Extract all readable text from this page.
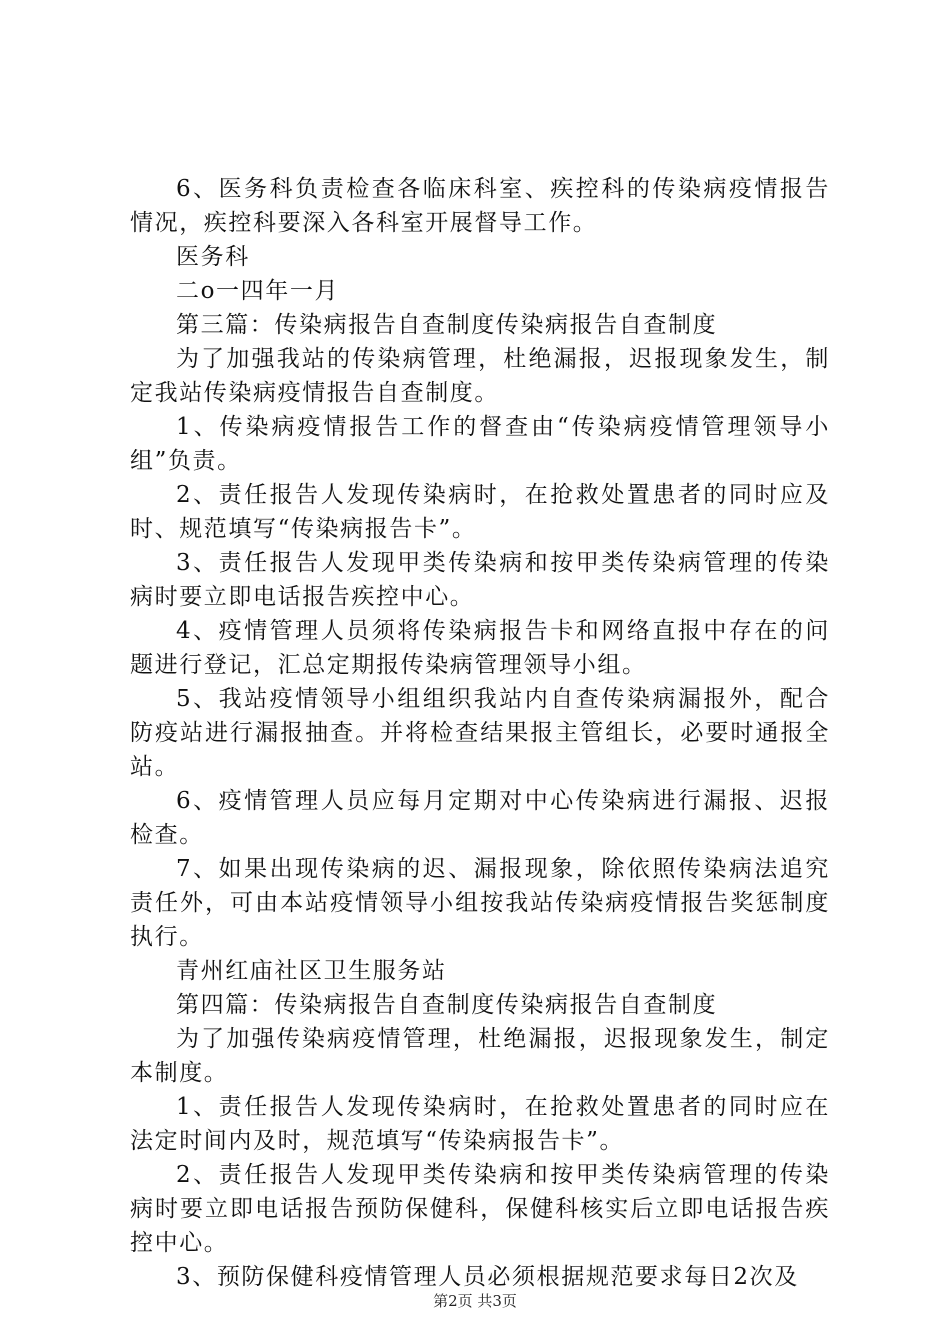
6、医务科负责检查各临床科室、疾控科的传染病疫情报告情况，疾控科要深入各科室开展督导工作。

医务科

二o一四年一月

第三篇：传染病报告自查制度传染病报告自查制度

为了加强我站的传染病管理，杜绝漏报，迟报现象发生，制定我站传染病疫情报告自查制度。

1、传染病疫情报告工作的督查由“传染病疫情管理领导小组”负责。

2、责任报告人发现传染病时，在抢救处置患者的同时应及时、规范填写“传染病报告卡”。

3、责任报告人发现甲类传染病和按甲类传染病管理的传染病时要立即电话报告疾控中心。

4、疫情管理人员须将传染病报告卡和网络直报中存在的问题进行登记，汇总定期报传染病管理领导小组。

5、我站疫情领导小组组织我站内自查传染病漏报外，配合防疫站进行漏报抽查。并将检查结果报主管组长，必要时通报全站。

6、疫情管理人员应每月定期对中心传染病进行漏报、迟报检查。

7、如果出现传染病的迟、漏报现象，除依照传染病法追究责任外，可由本站疫情领导小组按我站传染病疫情报告奖惩制度执行。

青州红庙社区卫生服务站

第四篇：传染病报告自查制度传染病报告自查制度

为了加强传染病疫情管理，杜绝漏报，迟报现象发生，制定本制度。

1、责任报告人发现传染病时，在抢救处置患者的同时应在法定时间内及时，规范填写“传染病报告卡”。

2、责任报告人发现甲类传染病和按甲类传染病管理的传染病时要立即电话报告预防保健科，保健科核实后立即电话报告疾控中心。

3、预防保健科疫情管理人员必须根据规范要求每日2次及

第2页 共3页
